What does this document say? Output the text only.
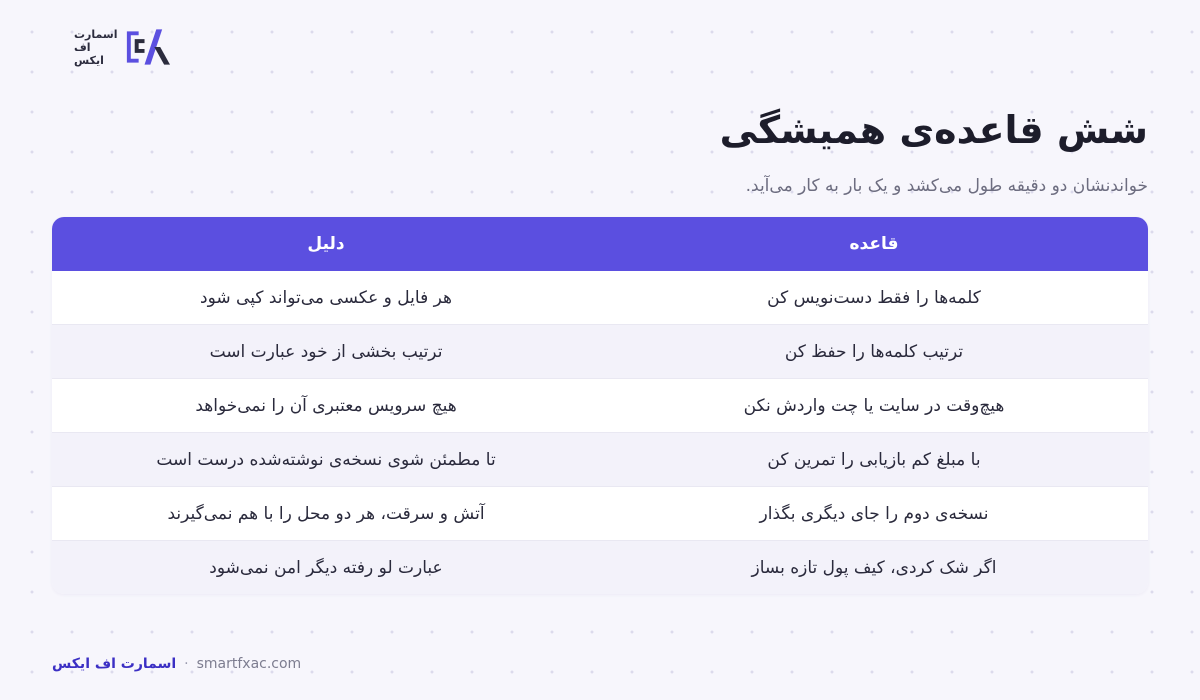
اسمارت
اف
ایکس
شش قاعده‌ی همیشگی

خواندنشان دو دقیقه طول می‌کشد و یک بار به کار می‌آید.

قاعده
دلیل
کلمه‌ها را فقط دست‌نویس کن
هر فایل و عکسی می‌تواند کپی شود
ترتیب کلمه‌ها را حفظ کن
ترتیب بخشی از خود عبارت است
هیچ‌وقت در سایت یا چت واردش نکن
هیچ سرویس معتبری آن را نمی‌خواهد
با مبلغ کم بازیابی را تمرین کن
تا مطمئن شوی نسخه‌ی نوشته‌شده درست است
نسخه‌ی دوم را جای دیگری بگذار
آتش و سرقت، هر دو محل را با هم نمی‌گیرند
اگر شک کردی، کیف پول تازه بساز
عبارت لو رفته دیگر امن نمی‌شود
اسمارت اف ایکس · smartfxac.com
